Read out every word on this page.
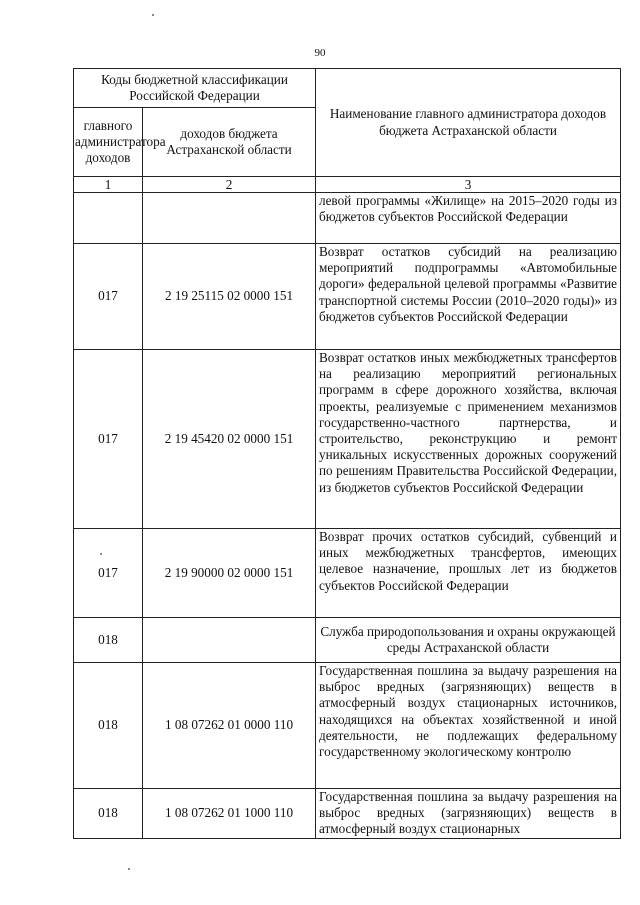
90
Коды бюджетной классификации Российской Федерации		Наименование главного администратора доходов бюджета Астраханской области
главного администратора доходов	доходов бюджета Астраханской области	
1	2	3
		левой программы «Жилище» на 2015–2020 годы из бюджетов субъектов Российской Федерации
017	2 19 25115 02 0000 151	Возврат остатков субсидий на реализацию мероприятий подпрограммы «Автомобильные дороги» федеральной целевой программы «Развитие транспортной системы России (2010–2020 годы)» из бюджетов субъектов Российской Федерации
017	2 19 45420 02 0000 151	Возврат остатков иных межбюджетных трансфертов на реализацию мероприятий региональных программ в сфере дорожного хозяйства, включая проекты, реализуемые с применением механизмов государственно-частного партнерства, и строительство, реконструкцию и ремонт уникальных искусственных дорожных сооружений по решениям Правительства Российской Федерации, из бюджетов субъектов Российской Федерации
017	2 19 90000 02 0000 151	Возврат прочих остатков субсидий, субвенций и иных межбюджетных трансфертов, имеющих целевое назначение, прошлых лет из бюджетов субъектов Российской Федерации
018		Служба природопользования и охраны окружающей среды Астраханской области
018	1 08 07262 01 0000 110	Государственная пошлина за выдачу разрешения на выброс вредных (загрязняющих) веществ в атмосферный воздух стационарных источников, находящихся на объектах хозяйственной и иной деятельности, не подлежащих федеральному государственному экологическому контролю
018	1 08 07262 01 1000 110	Государственная пошлина за выдачу разрешения на выброс вредных (загрязняющих) веществ в атмосферный воздух стационарных
